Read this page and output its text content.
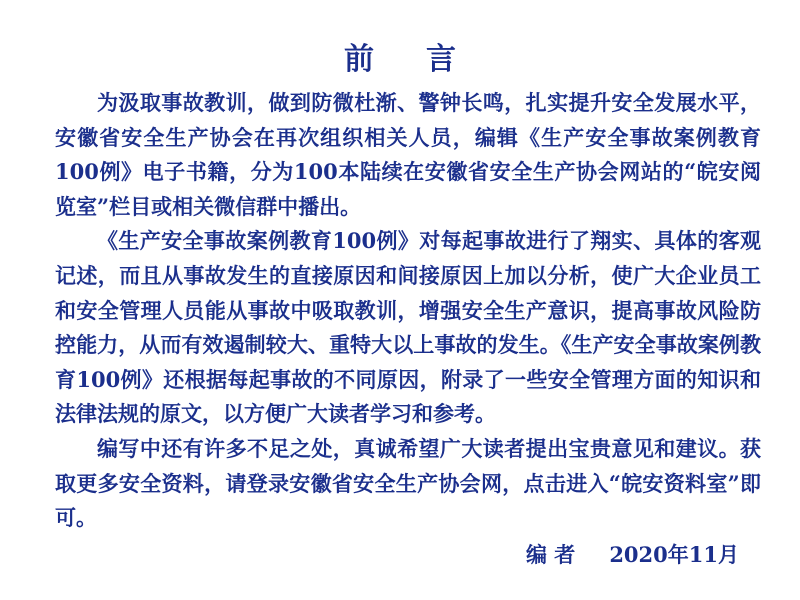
前言

为汲取事故教训，做到防微杜渐、警钟长鸣，扎实提升安全发展水平，安徽省安全生产协会在再次组织相关人员，编辑《生产安全事故案例教育100例》电子书籍，分为100本陆续在安徽省安全生产协会网站的“皖安阅览室”栏目或相关微信群中播出。

《生产安全事故案例教育100例》对每起事故进行了翔实、具体的客观记述，而且从事故发生的直接原因和间接原因上加以分析，使广大企业员工和安全管理人员能从事故中吸取教训，增强安全生产意识，提高事故风险防控能力，从而有效遏制较大、重特大以上事故的发生。《生产安全事故案例教育100例》还根据每起事故的不同原因，附录了一些安全管理方面的知识和法律法规的原文，以方便广大读者学习和参考。

编写中还有许多不足之处，真诚希望广大读者提出宝贵意见和建议。获取更多安全资料，请登录安徽省安全生产协会网，点击进入“皖安资料室”即可。

编 者 2020年11月
